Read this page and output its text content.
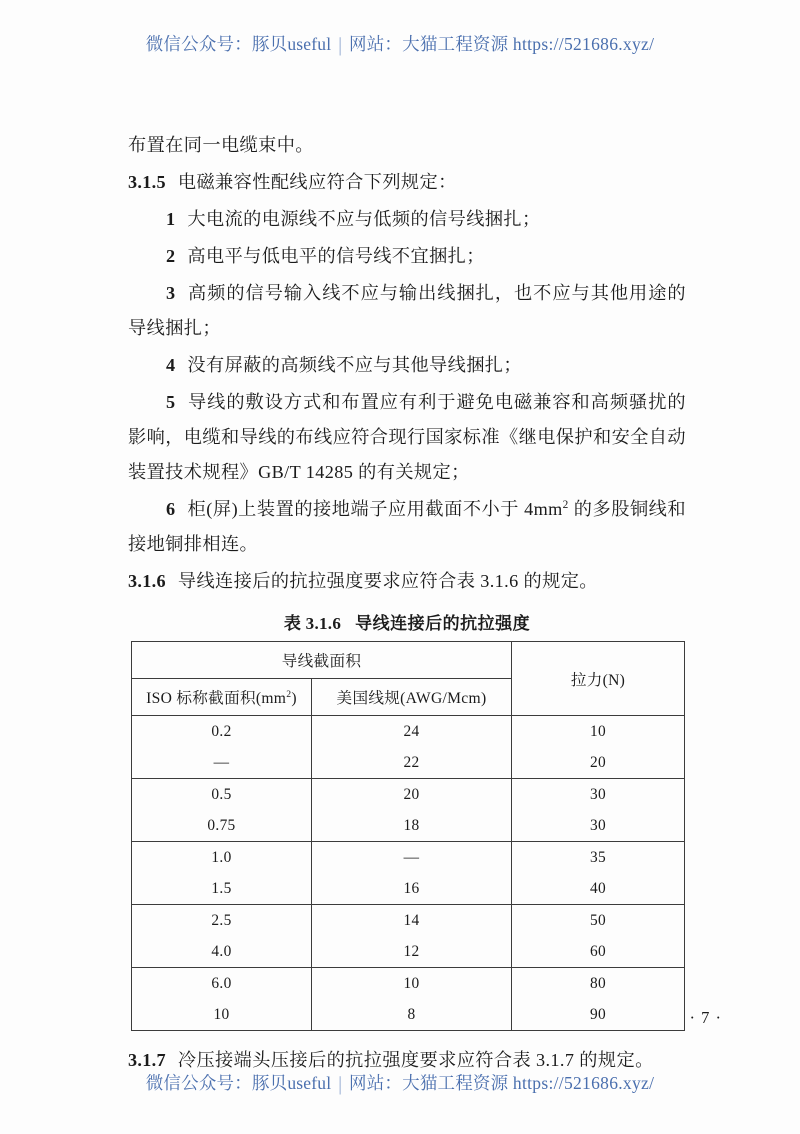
微信公众号：豚贝useful | 网站：大猫工程资源 https://521686.xyz/

布置在同一电缆束中。

3.1.5 电磁兼容性配线应符合下列规定：

1 大电流的电源线不应与低频的信号线捆扎；

2 高电平与低电平的信号线不宜捆扎；

3 高频的信号输入线不应与输出线捆扎，也不应与其他用途的导线捆扎；

4 没有屏蔽的高频线不应与其他导线捆扎；

5 导线的敷设方式和布置应有利于避免电磁兼容和高频骚扰的影响，电缆和导线的布线应符合现行国家标准《继电保护和安全自动装置技术规程》GB/T 14285 的有关规定；

6 柜(屏)上装置的接地端子应用截面不小于 $4mm^2$ 的多股铜线和接地铜排相连。

3.1.6 导线连接后的抗拉强度要求应符合表 3.1.6 的规定。

表 3.1.6 导线连接后的抗拉强度
导线截面积		拉力(N)
ISO 标称截面积$(mm^2)$	美国线规(AWG/Mcm)	
0.2	24	10
—	22	20
0.5	20	30
0.75	18	30
1.0	—	35
1.5	16	40
2.5	14	50
4.0	12	60
6.0	10	80
10	8	90

3.1.7 冷压接端头压接后的抗拉强度要求应符合表 3.1.7 的规定。

· 7 ·
微信公众号：豚贝useful | 网站：大猫工程资源 https://521686.xyz/
